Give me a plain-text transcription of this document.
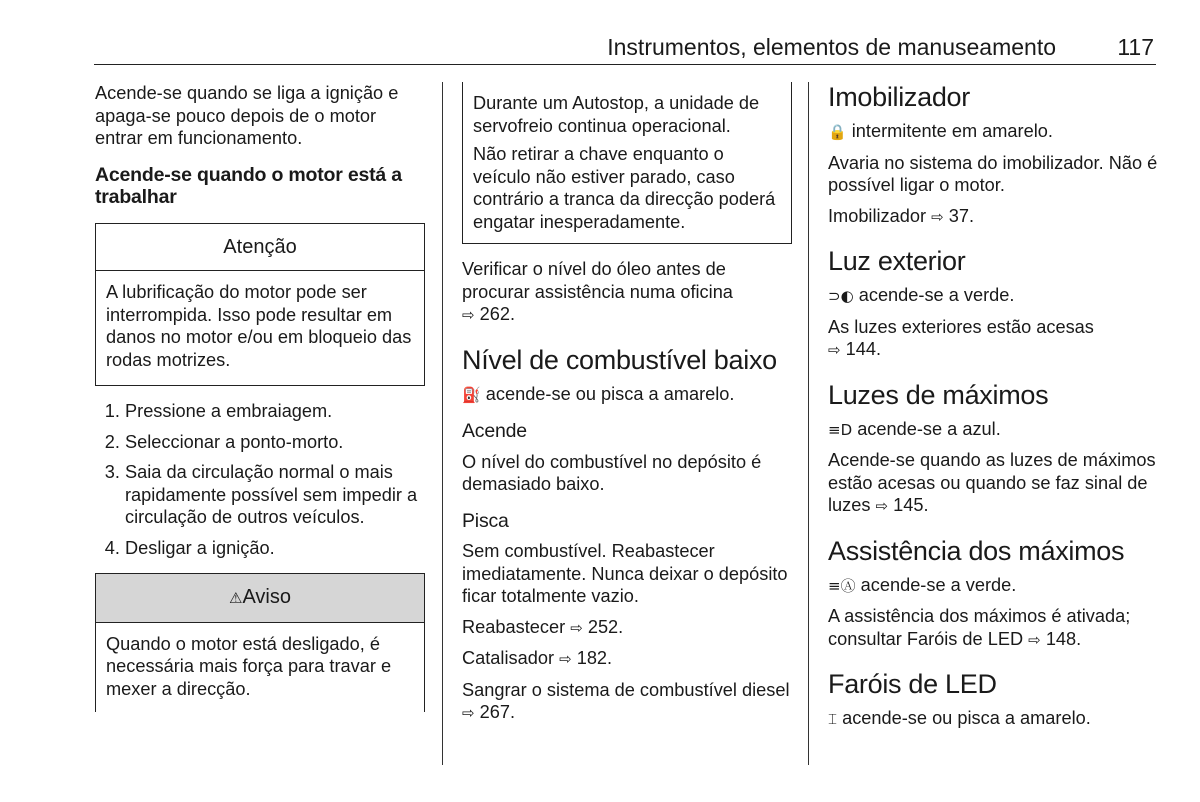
Instrumentos, elementos de manuseamento	117

Acende-se quando se liga a ignição e apaga-se pouco depois de o motor entrar em funcionamento.

Acende-se quando o motor está a trabalhar
Atenção
A lubrificação do motor pode ser interrompida. Isso pode resultar em danos no motor e/ou em bloqueio das rodas motrizes.
1. Pressione a embraiagem.
2. Seleccionar a ponto-morto.
3. Saia da circulação normal o mais rapidamente possível sem impedir a circulação de outros veículos.
4. Desligar a ignição.
⚠Aviso
Quando o motor está desligado, é necessária mais força para travar e mexer a direcção.

Durante um Autostop, a unidade de servofreio continua operacional.

Não retirar a chave enquanto o veículo não estiver parado, caso contrário a tranca da direcção poderá engatar inesperadamente.

Verificar o nível do óleo antes de procurar assistência numa oficina
⇨ 262.

Nível de combustível baixo

⛽ acende-se ou pisca a amarelo.

Acende

O nível do combustível no depósito é demasiado baixo.

Pisca

Sem combustível. Reabastecer imediatamente. Nunca deixar o depósito ficar totalmente vazio.

Reabastecer ⇨ 252.

Catalisador ⇨ 182.

Sangrar o sistema de combustível diesel ⇨ 267.

Imobilizador

🔒 intermitente em amarelo.

Avaria no sistema do imobilizador. Não é possível ligar o motor.

Imobilizador ⇨ 37.

Luz exterior

⊃◐ acende-se a verde.

As luzes exteriores estão acesas
⇨ 144.

Luzes de máximos

≡D acende-se a azul.

Acende-se quando as luzes de máximos estão acesas ou quando se faz sinal de luzes ⇨ 145.

Assistência dos máximos

≡Ⓐ acende-se a verde.

A assistência dos máximos é ativada; consultar Faróis de LED ⇨ 148.

Faróis de LED

⌶ acende-se ou pisca a amarelo.
